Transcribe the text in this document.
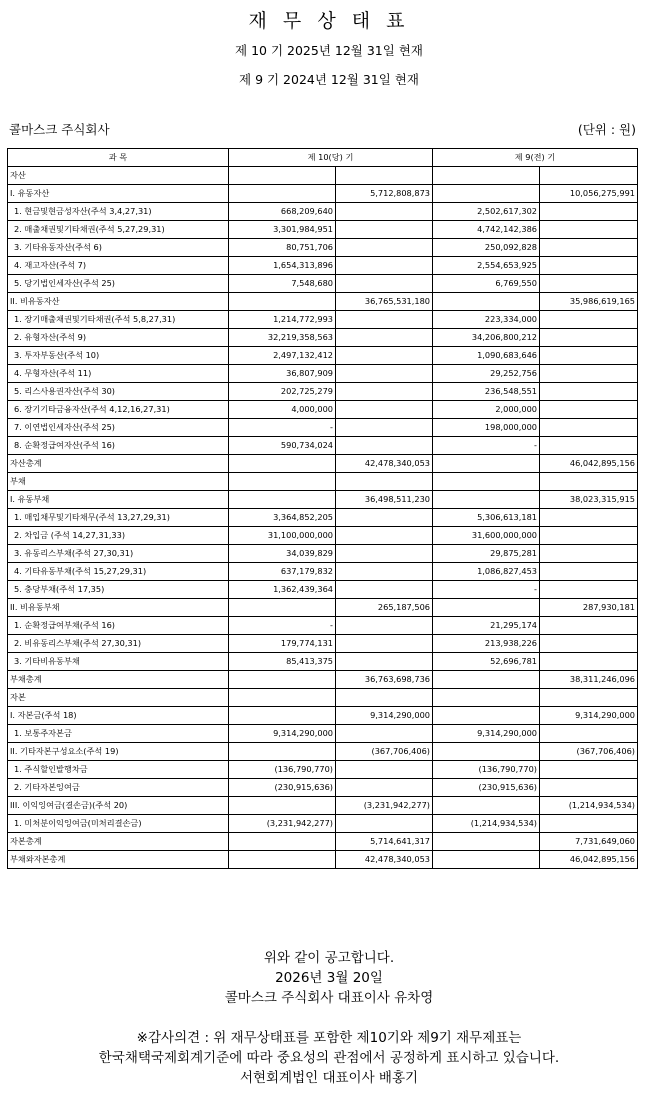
재 무 상 태 표
제 10 기 2025년 12월 31일 현재
제 9 기 2024년 12월 31일 현재
콜마스크 주식회사	(단위 : 원)
과 목	제 10(당) 기		제 9(전) 기	
자산				
I. 유동자산		5,712,808,873		10,056,275,991
1. 현금및현금성자산(주석 3,4,27,31)	668,209,640		2,502,617,302	
2. 매출채권및기타채권(주석 5,27,29,31)	3,301,984,951		4,742,142,386	
3. 기타유동자산(주석 6)	80,751,706		250,092,828	
4. 재고자산(주석 7)	1,654,313,896		2,554,653,925	
5. 당기법인세자산(주석 25)	7,548,680		6,769,550	
II. 비유동자산		36,765,531,180		35,986,619,165
1. 장기매출채권및기타채권(주석 5,8,27,31)	1,214,772,993		223,334,000	
2. 유형자산(주석 9)	32,219,358,563		34,206,800,212	
3. 투자부동산(주석 10)	2,497,132,412		1,090,683,646	
4. 무형자산(주석 11)	36,807,909		29,252,756	
5. 리스사용권자산(주석 30)	202,725,279		236,548,551	
6. 장기기타금융자산(주석 4,12,16,27,31)	4,000,000		2,000,000	
7. 이연법인세자산(주석 25)	-		198,000,000	
8. 순확정급여자산(주석 16)	590,734,024		-	
자산총계		42,478,340,053		46,042,895,156
부채				
I. 유동부채		36,498,511,230		38,023,315,915
1. 매입채무및기타채무(주석 13,27,29,31)	3,364,852,205		5,306,613,181	
2. 차입금 (주석 14,27,31,33)	31,100,000,000		31,600,000,000	
3. 유동리스부채(주석 27,30,31)	34,039,829		29,875,281	
4. 기타유동부채(주석 15,27,29,31)	637,179,832		1,086,827,453	
5. 충당부채(주석 17,35)	1,362,439,364		-	
II. 비유동부채		265,187,506		287,930,181
1. 순확정급여부채(주석 16)	-		21,295,174	
2. 비유동리스부채(주석 27,30,31)	179,774,131		213,938,226	
3. 기타비유동부채	85,413,375		52,696,781	
부채총계		36,763,698,736		38,311,246,096
자본				
I. 자본금(주석 18)		9,314,290,000		9,314,290,000
1. 보통주자본금	9,314,290,000		9,314,290,000	
II. 기타자본구성요소(주석 19)		(367,706,406)		(367,706,406)
1. 주식할인발행차금	(136,790,770)		(136,790,770)	
2. 기타자본잉여금	(230,915,636)		(230,915,636)	
III. 이익잉여금(결손금)(주석 20)		(3,231,942,277)		(1,214,934,534)
1. 미처분이익잉여금(미처리결손금)	(3,231,942,277)		(1,214,934,534)	
자본총계		5,714,641,317		7,731,649,060
부채와자본총계		42,478,340,053		46,042,895,156
위와 같이 공고합니다.
2026년 3월 20일
콜마스크 주식회사 대표이사 유차영
※감사의견 : 위 재무상태표를 포함한 제10기와 제9기 재무제표는
한국채택국제회계기준에 따라 중요성의 관점에서 공정하게 표시하고 있습니다.
서현회계법인 대표이사 배홍기
